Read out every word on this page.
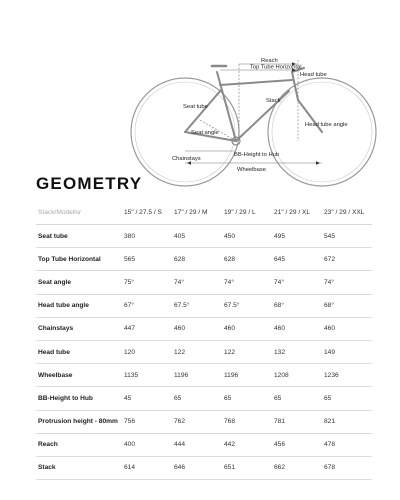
Reach
Top Tube Horizontal
Head tube
Stack
Seat tube
Seat angle
Head tube angle
Chainstays
BB-Height to Hub
Wheelbase
GEOMETRY
Stack/Modellsr	15" / 27.5 / S	17" / 29 / M	19" / 29 / L	21" / 29 / XL	23" / 29 / XXL
Seat tube	380	405	450	495	545
Top Tube Horizontal	565	628	628	645	672
Seat angle	75°	74°	74°	74°	74°
Head tube angle	67°	67.5°	67.5°	68°	68°
Chainstays	447	460	460	460	460
Head tube	120	122	122	132	149
Wheelbase	1135	1196	1196	1208	1236
BB-Height to Hub	45	65	65	65	65
Protrusion height - 80mm	756	762	768	781	821
Reach	400	444	442	456	478
Stack	614	646	651	662	678
